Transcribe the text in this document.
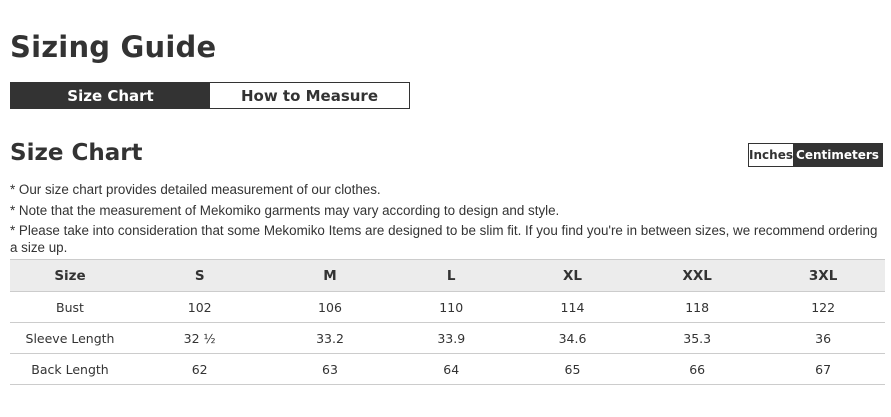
Sizing Guide
Size Chart	How to Measure
Size Chart	Inches Centimeters

* Our size chart provides detailed measurement of our clothes.

* Note that the measurement of Mekomiko garments may vary according to design and style.

* Please take into consideration that some Mekomiko Items are designed to be slim fit. If you find you're in between sizes, we recommend ordering a size up.

Size	S	M	L	XL	XXL	3XL
Bust	102	106	110	114	118	122
Sleeve Length	32 ½	33.2	33.9	34.6	35.3	36
Back Length	62	63	64	65	66	67
